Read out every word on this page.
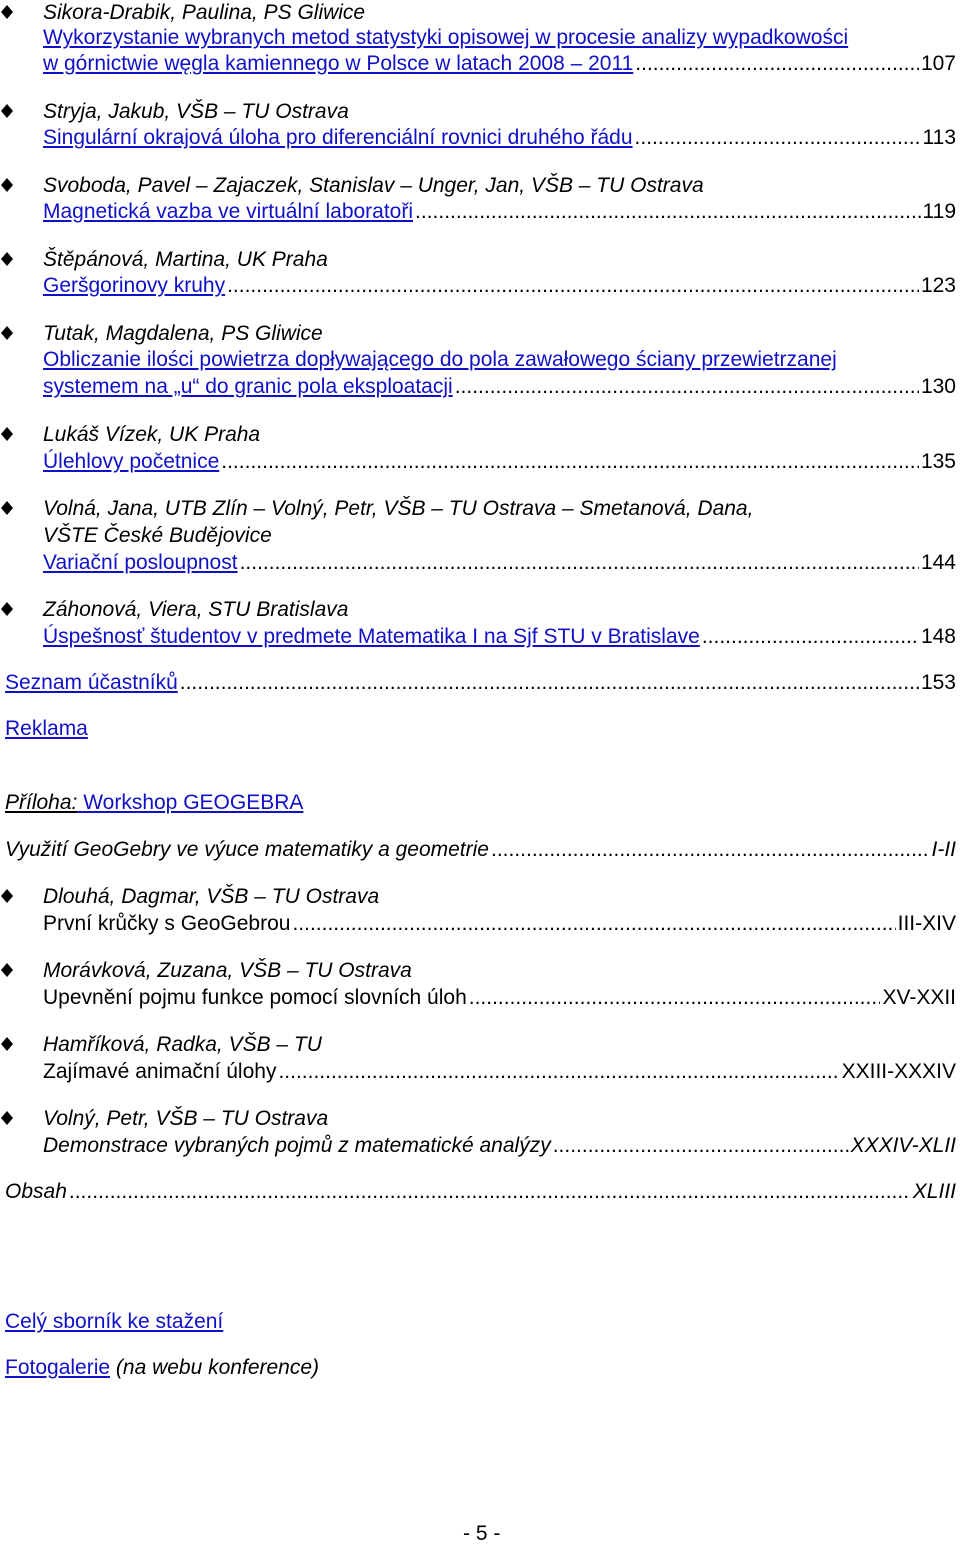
Sikora-Drabik, Paulina, PS Gliwice
Wykorzystanie wybranych metod statystyki opisowej w procesie analizy wypadkowości
w górnictwie węgla kamiennego w Polsce w latach 2008 – 2011 .....	107
Stryja, Jakub, VŠB – TU Ostrava
Singulární okrajová úloha pro diferenciální rovnici druhého řádu .....	113
Svoboda, Pavel – Zajaczek, Stanislav – Unger, Jan, VŠB – TU Ostrava
Magnetická vazba ve virtuální laboratoři .....	119
Štěpánová, Martina, UK Praha
Geršgorinovy kruhy .....	123
Tutak, Magdalena, PS Gliwice
Obliczanie ilości powietrza dopływającego do pola zawałowego ściany przewietrzanej
systemem na „u“ do granic pola eksploatacji .....	130
Lukáš Vízek, UK Praha
Úlehlovy početnice .....	135
Volná, Jana, UTB Zlín – Volný, Petr, VŠB – TU Ostrava – Smetanová, Dana,
VŠTE České Budějovice
Variační posloupnost .....	144
Záhonová, Viera, STU Bratislava
Úspešnosť študentov v predmete Matematika I na Sjf STU v Bratislave .....	148
Seznam účastníků .....	153
Reklama
Příloha: Workshop GEOGEBRA
Využití GeoGebry ve výuce matematiky a geometrie .....	I-II
Dlouhá, Dagmar, VŠB – TU Ostrava
První krůčky s GeoGebrou .....	III-XIV
Morávková, Zuzana, VŠB – TU Ostrava
Upevnění pojmu funkce pomocí slovních úloh .....	XV-XXII
Hamříková, Radka, VŠB – TU
Zajímavé animační úlohy .....	XXIII-XXXIV
Volný, Petr, VŠB – TU Ostrava
Demonstrace vybraných pojmů z matematické analýzy .....	XXXIV-XLII
Obsah .....	XLIII
Celý sborník ke stažení
Fotogalerie (na webu konference)
- 5 -
